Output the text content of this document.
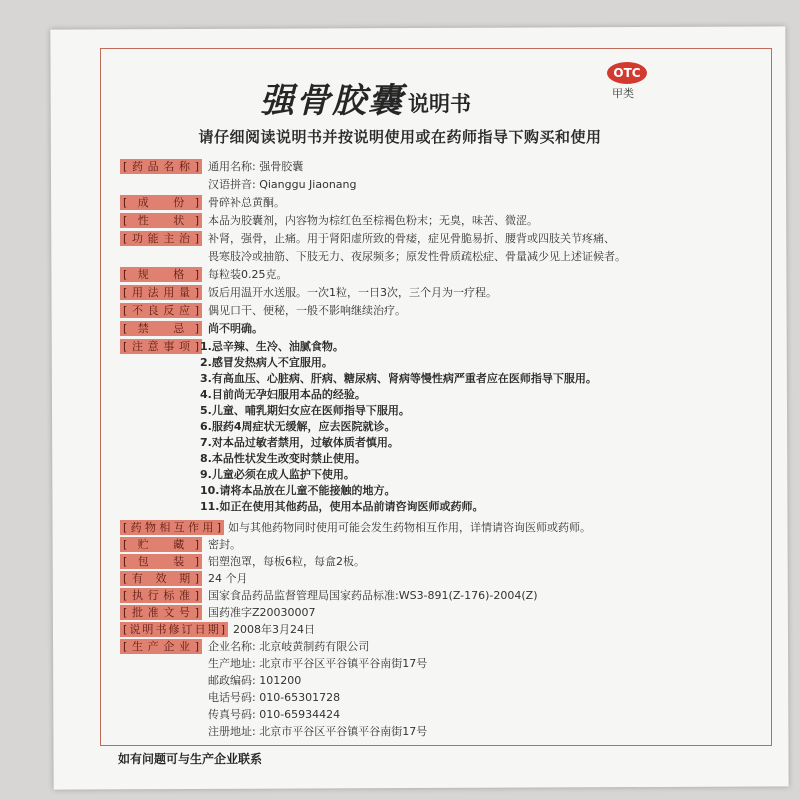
强骨胶囊 说明书
OTC
甲类
请仔细阅读说明书并按说明使用或在药师指导下购买和使用
[药品名称] 通用名称: 强骨胶囊
汉语拼音: Qianggu Jiaonang
[成 份] 骨碎补总黄酮。
[性 状] 本品为胶囊剂，内容物为棕红色至棕褐色粉末；无臭，味苦、微涩。
[功能主治] 补肾，强骨，止痛。用于肾阳虚所致的骨痿，症见骨脆易折、腰背或四肢关节疼痛、
畏寒肢冷或抽筋、下肢无力、夜尿频多；原发性骨质疏松症、骨量减少见上述证候者。
[规 格] 每粒装0.25克。
[用法用量] 饭后用温开水送服。一次1粒，一日3次，三个月为一疗程。
[不良反应] 偶见口干、便秘，一般不影响继续治疗。
[禁 忌] 尚不明确。
[注意事项] 1.忌辛辣、生冷、油腻食物。
2.感冒发热病人不宜服用。
3.有高血压、心脏病、肝病、糖尿病、肾病等慢性病严重者应在医师指导下服用。
4.目前尚无孕妇服用本品的经验。
5.儿童、哺乳期妇女应在医师指导下服用。
6.服药4周症状无缓解，应去医院就诊。
7.对本品过敏者禁用，过敏体质者慎用。
8.本品性状发生改变时禁止使用。
9.儿童必须在成人监护下使用。
10.请将本品放在儿童不能接触的地方。
11.如正在使用其他药品，使用本品前请咨询医师或药师。
[药物相互作用] 如与其他药物同时使用可能会发生药物相互作用，详情请咨询医师或药师。
[贮 藏] 密封。
[包 装] 铝塑泡罩，每板6粒，每盒2板。
[有 效 期] 24 个月
[执行标准] 国家食品药品监督管理局国家药品标准:WS3-891(Z-176)-2004(Z)
[批准文号] 国药准字Z20030007
[说明书修订日期] 2008年3月24日
[生产企业] 企业名称: 北京岐黄制药有限公司
生产地址: 北京市平谷区平谷镇平谷南街17号
邮政编码: 101200
电话号码: 010-65301728
如有问题可与生产企业联系
传真号码: 010-65934424
注册地址: 北京市平谷区平谷镇平谷南街17号
